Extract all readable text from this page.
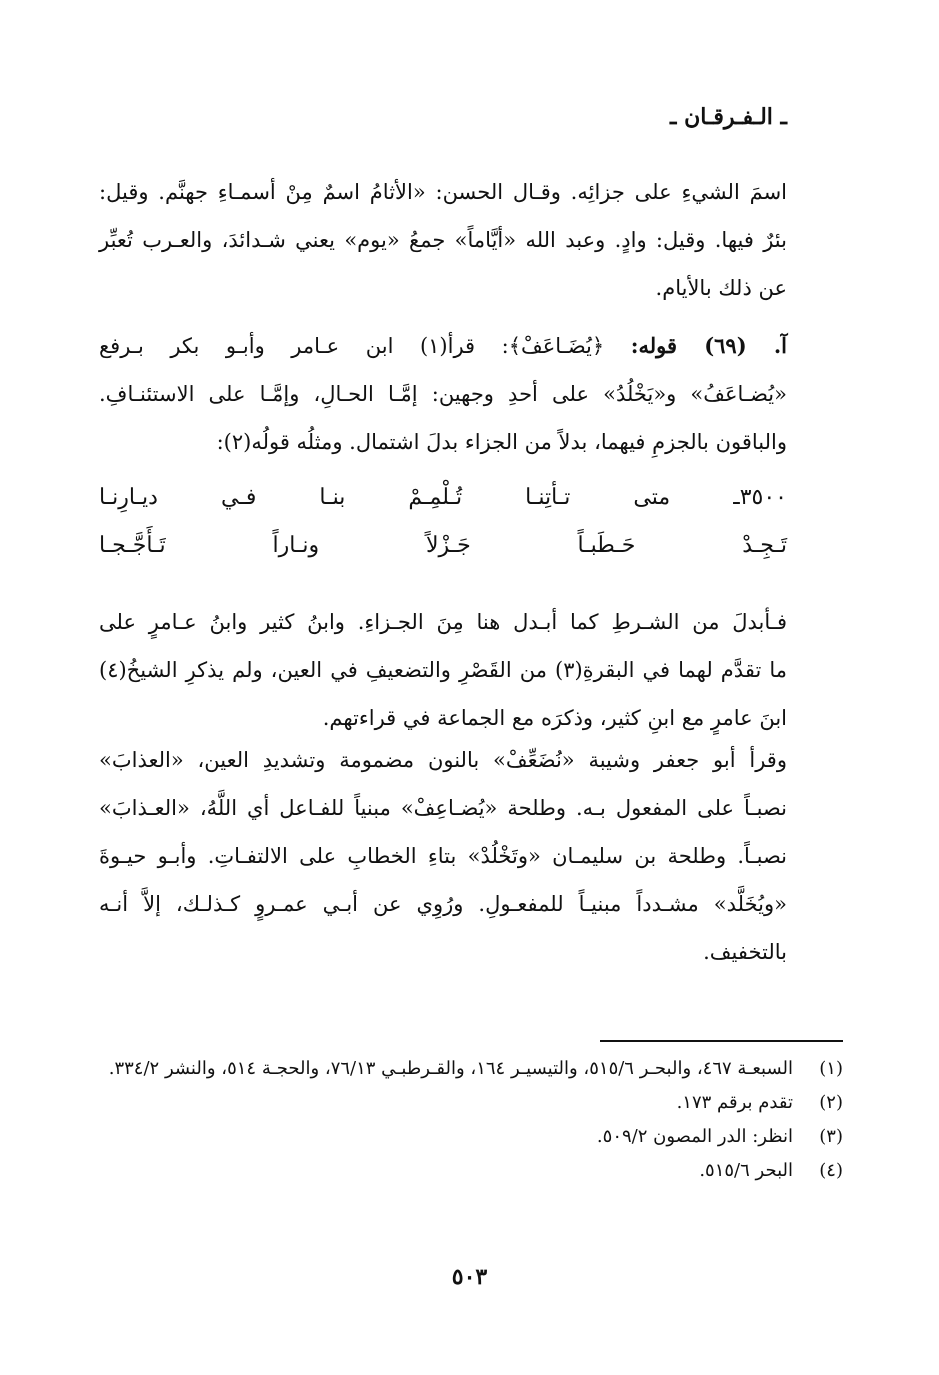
ـ الـفـرقـان ـ
اسمَ الشيءِ على جزائِه. وقـال الحسن: «الأثامُ اسمٌ مِنْ أسمـاءِ جهنَّم. وقيل:
بئرٌ فيها. وقيل: وادٍ. وعبد الله «أيَّاماً» جمعُ «يوم» يعني شـدائدَ، والعـرب تُعبِّر
عن ذلك بالأيام.
آ. (٦٩) قوله: ﴿يُضَـاعَفْ﴾: قرأ(١) ابن عـامر وأبـو بكر بـرفع
«يُضـاعَفُ» و«يَخْلُدُ» على أحدِ وجهين: إمَّـا الحـالِ، وإمَّـا على الاستئنـافِ.
والباقون بالجزمِ فيهما، بدلاً من الجزاء بدلَ اشتمال. ومثلُه قولُه(٢):
٣٥٠٠ـ متى تـأتِنـا تُـلْمِـمْ بنـا فـي ديـارِنـا
تَـجِـدْ حَـطَبـاً جَـزْلاً ونـاراً تَـأَجَّـجـا
فـأبدلَ من الشـرطِ كما أبـدل هنا مِنَ الجـزاءِ. وابنُ كثير وابنُ عـامرٍ على
ما تقدَّم لهما في البقرةِ(٣) من القَصْرِ والتضعيفِ في العين، ولم يذكرِ الشيخُ(٤)
ابنَ عامرٍ مع ابنِ كثير، وذكرَه مع الجماعة في قراءتهم.
وقرأ أبو جعفر وشيبة «نُضَعِّفْ» بالنون مضمومة وتشديدِ العين، «العذابَ»
نصبـاً على المفعول بـه. وطلحة «يُضـاعِفْ» مبنياً للفـاعل أي اللَّهُ، «العـذابَ»
نصبـاً. وطلحة بن سليمـان «وتَخْلُدْ» بتاءِ الخطابِ على الالتفـاتِ. وأبـو حيـوةَ
«ويُخَلَّد» مشـدداً مبنيـاً للمفعـولِ. ورُوِي عن أبـي عمـروٍ كـذلـك، إلاَّ أنـه
بالتخفيف.
(١)
السبعـة ٤٦٧، والبحـر ٥١٥/٦، والتيسيـر ١٦٤، والقـرطبـي ٧٦/١٣، والحجـة ٥١٤، والنشر ٣٣٤/٢.
(٢)
تقدم برقم ١٧٣.
(٣)
انظر: الدر المصون ٥٠٩/٢.
(٤)
البحر ٥١٥/٦.
٥٠٣
